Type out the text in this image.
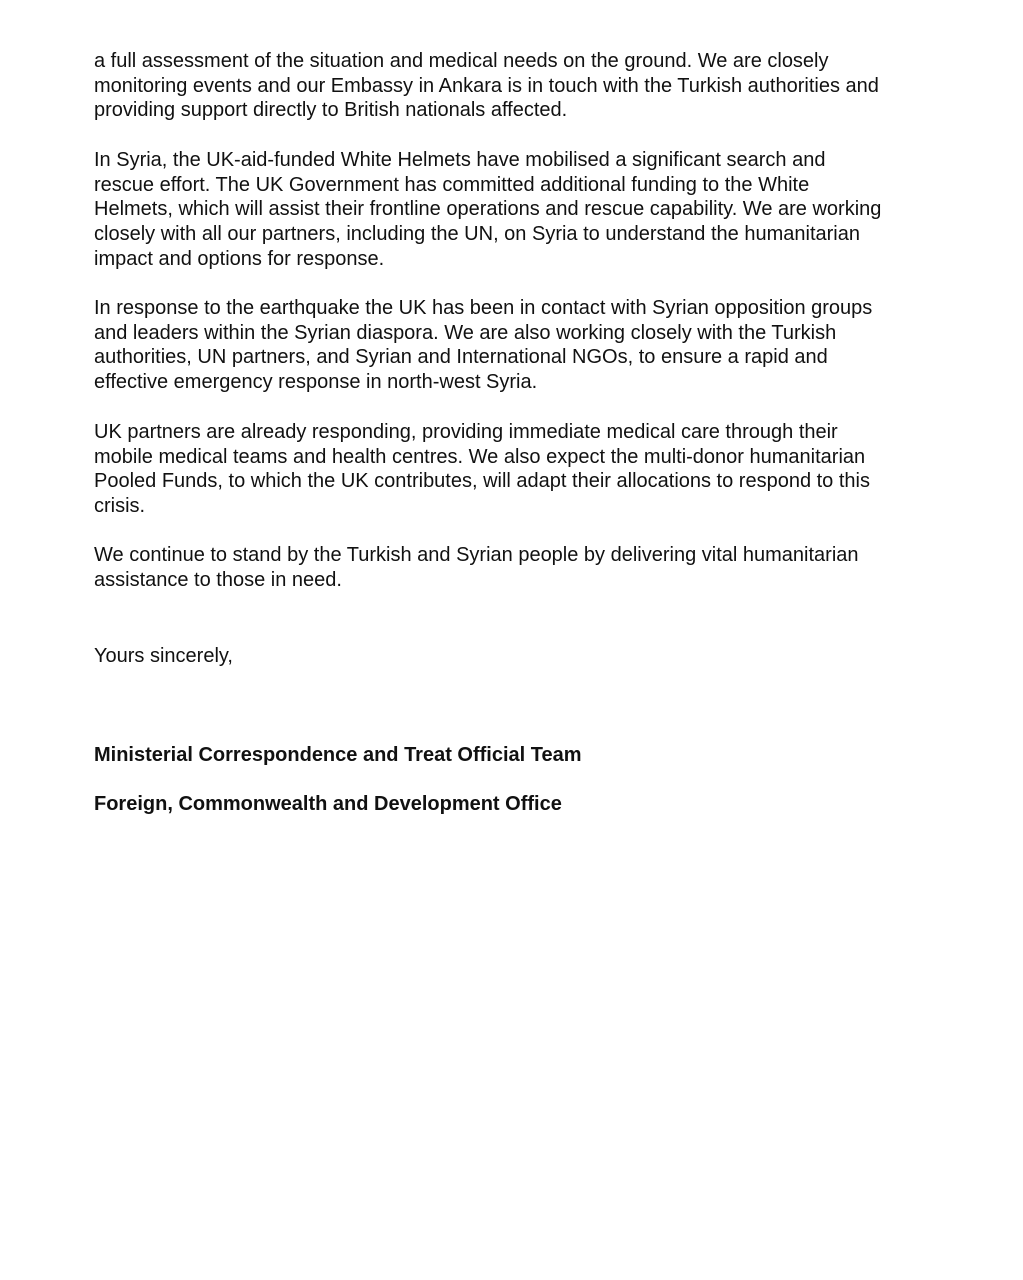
a full assessment of the situation and medical needs on the ground. We are closely
monitoring events and our Embassy in Ankara is in touch with the Turkish authorities and
providing support directly to British nationals affected.
In Syria, the UK-aid-funded White Helmets have mobilised a significant search and
rescue effort. The UK Government has committed additional funding to the White
Helmets, which will assist their frontline operations and rescue capability. We are working
closely with all our partners, including the UN, on Syria to understand the humanitarian
impact and options for response.
In response to the earthquake the UK has been in contact with Syrian opposition groups
and leaders within the Syrian diaspora. We are also working closely with the Turkish
authorities, UN partners, and Syrian and International NGOs, to ensure a rapid and
effective emergency response in north-west Syria.
UK partners are already responding, providing immediate medical care through their
mobile medical teams and health centres. We also expect the multi-donor humanitarian
Pooled Funds, to which the UK contributes, will adapt their allocations to respond to this
crisis.
We continue to stand by the Turkish and Syrian people by delivering vital humanitarian
assistance to those in need.
Yours sincerely,

Ministerial Correspondence and Treat Official Team

Foreign, Commonwealth and Development Office
